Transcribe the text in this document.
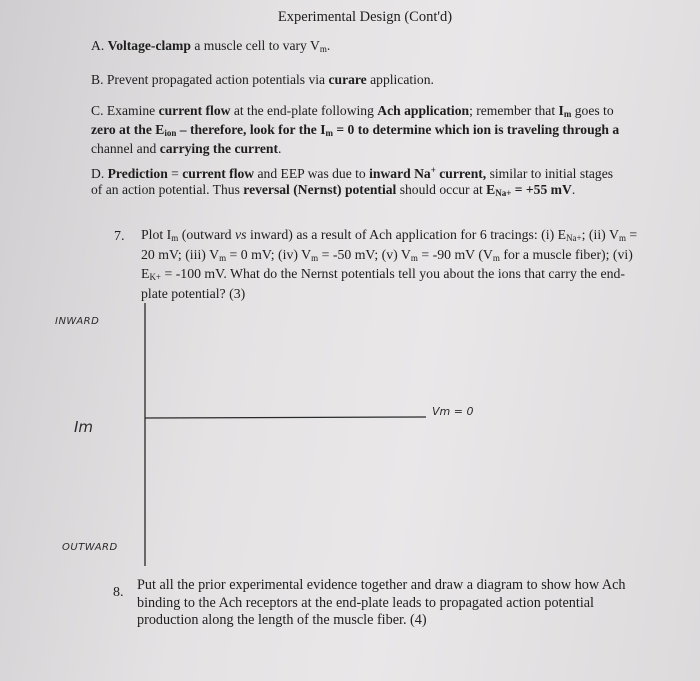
Experimental Design (Cont'd)
A. Voltage-clamp a muscle cell to vary $V_m$.
B. Prevent propagated action potentials via curare application.
C. Examine current flow at the end-plate following Ach application; remember that $I_m$ goes to
zero at the $E_{ion}$ – therefore, look for the $I_m = 0$ to determine which ion is traveling through a
channel and carrying the current.
D. Prediction = current flow and EEP was due to inward Na+ current, similar to initial stages
of an action potential. Thus reversal (Nernst) potential should occur at $E_{Na+} = +55$ mV.
7. Plot $I_m$ (outward vs inward) as a result of Ach application for 6 tracings: (i) ENa+; (ii) Vm =
20 mV; (iii) Vm = 0 mV; (iv) Vm = -50 mV; (v) Vm = -90 mV (Vm for a muscle fiber); (vi)
EK+ = -100 mV. What do the Nernst potentials tell you about the ions that carry the end-
plate potential? (3)
INWARD
Im
OUTWARD
Vm = 0
8. Put all the prior experimental evidence together and draw a diagram to show how Ach
binding to the Ach receptors at the end-plate leads to propagated action potential
production along the length of the muscle fiber. (4)
